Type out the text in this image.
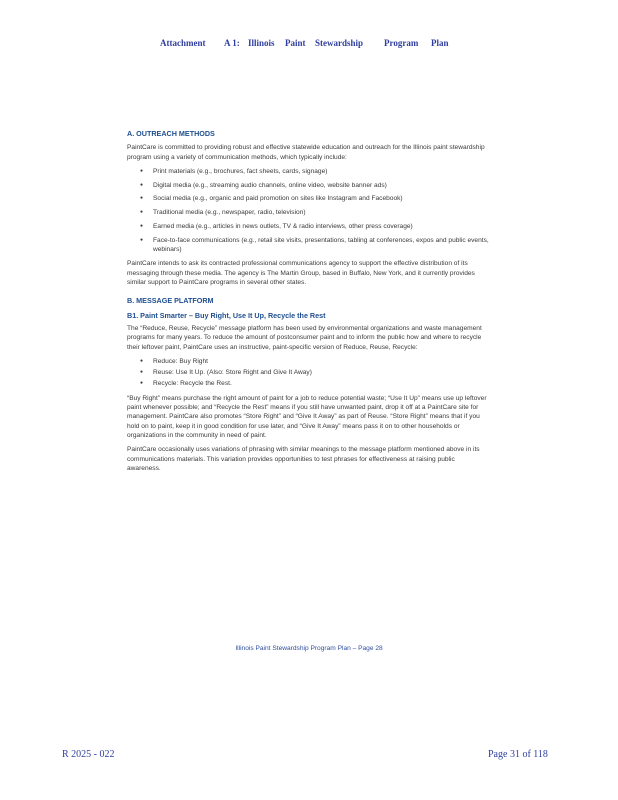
Attachment A 1: Illinois Paint Stewardship Program Plan
A. OUTREACH METHODS

PaintCare is committed to providing robust and effective statewide education and outreach for the Illinois paint stewardship program using a variety of communication methods, which typically include:

● Print materials (e.g., brochures, fact sheets, cards, signage)
● Digital media (e.g., streaming audio channels, online video, website banner ads)
● Social media (e.g., organic and paid promotion on sites like Instagram and Facebook)
● Traditional media (e.g., newspaper, radio, television)
● Earned media (e.g., articles in news outlets, TV & radio interviews, other press coverage)
● Face-to-face communications (e.g., retail site visits, presentations, tabling at conferences, expos and public events, webinars)

PaintCare intends to ask its contracted professional communications agency to support the effective distribution of its messaging through these media. The agency is The Martin Group, based in Buffalo, New York, and it currently provides similar support to PaintCare programs in several other states.

B. MESSAGE PLATFORM
B1. Paint Smarter – Buy Right, Use It Up, Recycle the Rest

The “Reduce, Reuse, Recycle” message platform has been used by environmental organizations and waste management programs for many years. To reduce the amount of postconsumer paint and to inform the public how and where to recycle their leftover paint, PaintCare uses an instructive, paint-specific version of Reduce, Reuse, Recycle:

● Reduce: Buy Right
● Reuse: Use It Up. (Also: Store Right and Give It Away)
● Recycle: Recycle the Rest.

“Buy Right” means purchase the right amount of paint for a job to reduce potential waste; “Use It Up” means use up leftover paint whenever possible; and “Recycle the Rest” means if you still have unwanted paint, drop it off at a PaintCare site for management. PaintCare also promotes “Store Right” and “Give It Away” as part of Reuse. “Store Right” means that if you hold on to paint, keep it in good condition for use later, and “Give It Away” means pass it on to other households or organizations in the community in need of paint.

PaintCare occasionally uses variations of phrasing with similar meanings to the message platform mentioned above in its communications materials. This variation provides opportunities to test phrases for effectiveness at raising public awareness.

Illinois Paint Stewardship Program Plan – Page 28
R 2025 - 022	Page 31 of 118
